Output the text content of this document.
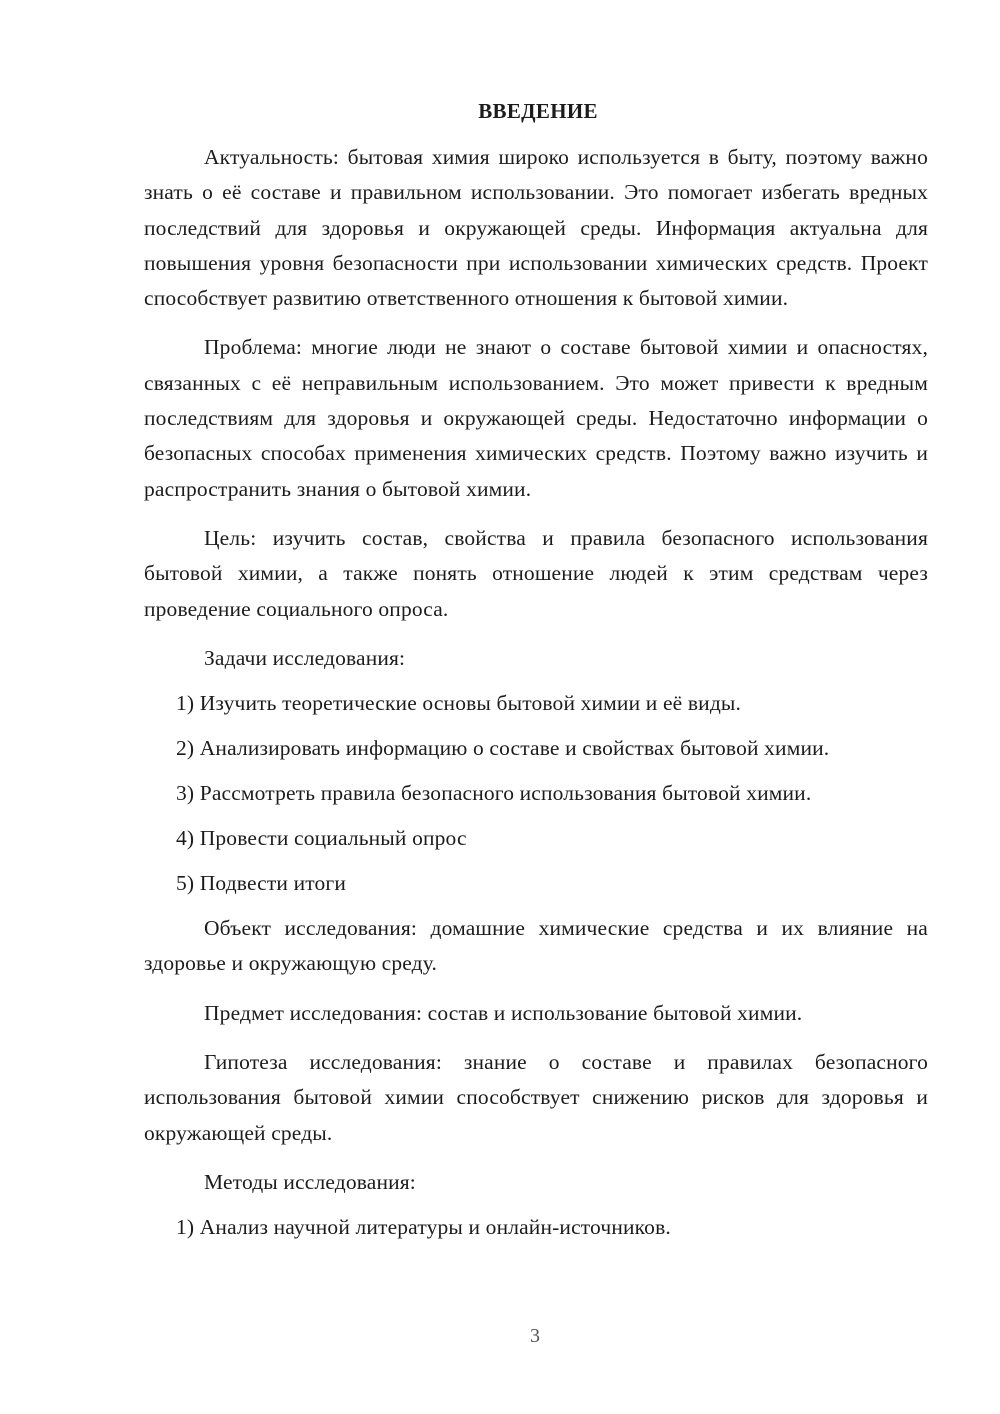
ВВЕДЕНИЕ

Актуальность: бытовая химия широко используется в быту, поэтому важно знать о её составе и правильном использовании. Это помогает избегать вредных последствий для здоровья и окружающей среды. Информация актуальна для повышения уровня безопасности при использовании химических средств. Проект способствует развитию ответственного отношения к бытовой химии.

Проблема: многие люди не знают о составе бытовой химии и опасностях, связанных с её неправильным использованием. Это может привести к вредным последствиям для здоровья и окружающей среды. Недостаточно информации о безопасных способах применения химических средств. Поэтому важно изучить и распространить знания о бытовой химии.

Цель: изучить состав, свойства и правила безопасного использования бытовой химии, а также понять отношение людей к этим средствам через проведение социального опроса.

Задачи исследования:

1) Изучить теоретические основы бытовой химии и её виды.
2) Анализировать информацию о составе и свойствах бытовой химии.
3) Рассмотреть правила безопасного использования бытовой химии.
4) Провести социальный опрос
5) Подвести итоги

Объект исследования: домашние химические средства и их влияние на здоровье и окружающую среду.

Предмет исследования: состав и использование бытовой химии.

Гипотеза исследования: знание о составе и правилах безопасного использования бытовой химии способствует снижению рисков для здоровья и окружающей среды.

Методы исследования:

1) Анализ научной литературы и онлайн-источников.
3
